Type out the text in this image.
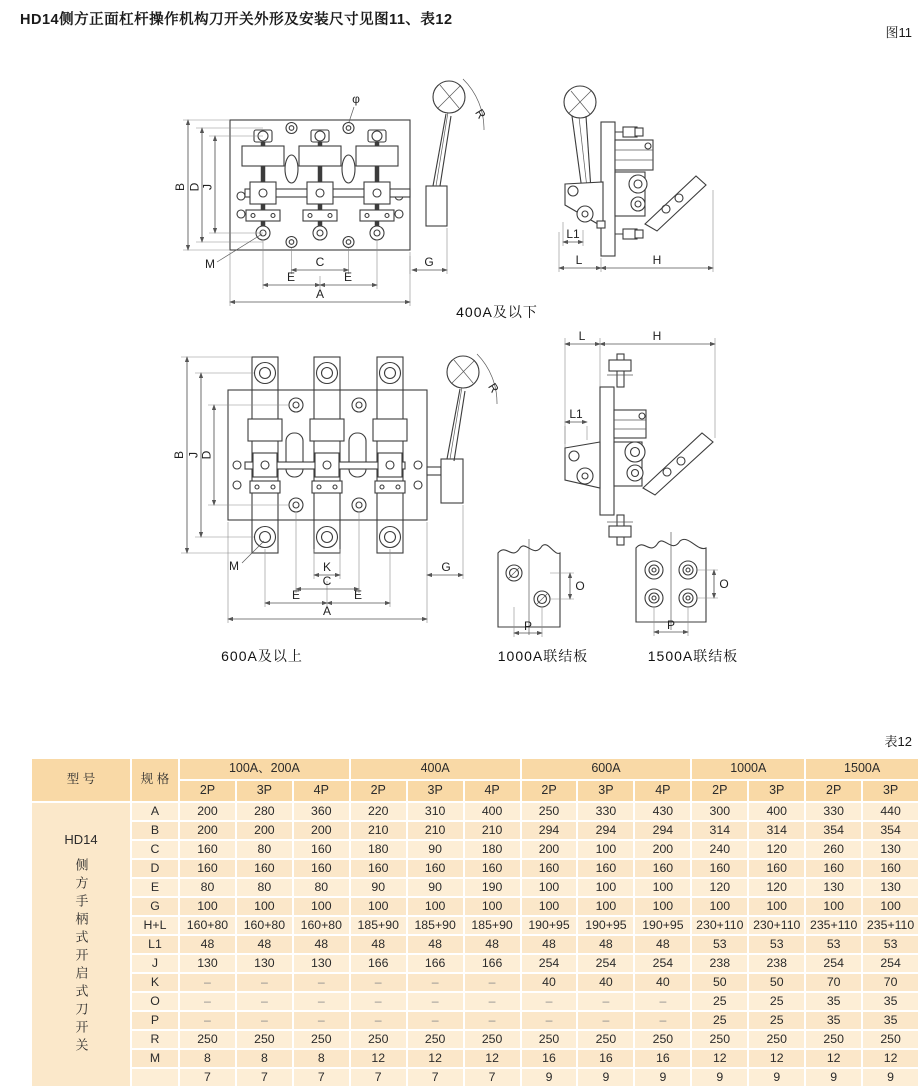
HD14侧方正面杠杆操作机构刀开关外形及安装尺寸见图11、表12
图11
R
φ
B D J
M	C
E	E
A
G
L1
L	H
400A及以下
R
B J D
M	K
C
E	E
A
G
L	H
L1
O
P
O
P
600A及以上	1000A联结板	1500A联结板
表12
型 号	规 格	100A、200A			400A			600A			1000A		1500A	
		2P	3P	4P	2P	3P	4P	2P	3P	4P	2P	3P	2P	3P

HD14
侧方手柄式开启式刀开关	A	200	280	360	220	310	400	250	330	430	300	400	330	440
	B	200	200	200	210	210	210	294	294	294	314	314	354	354
	C	160	80	160	180	90	180	200	100	200	240	120	260	130
	D	160	160	160	160	160	160	160	160	160	160	160	160	160
	E	80	80	80	90	90	190	100	100	100	120	120	130	130
	G	100	100	100	100	100	100	100	100	100	100	100	100	100
	H+L	160+80	160+80	160+80	185+90	185+90	185+90	190+95	190+95	190+95	230+110	230+110	235+110	235+110
	L1	48	48	48	48	48	48	48	48	48	53	53	53	53
	J	130	130	130	166	166	166	254	254	254	238	238	254	254
	K	–	–	–	–	–	–	40	40	40	50	50	70	70
	O	–	–	–	–	–	–	–	–	–	25	25	35	35
	P	–	–	–	–	–	–	–	–	–	25	25	35	35
	R	250	250	250	250	250	250	250	250	250	250	250	250	250
	M	8	8	8	12	12	12	16	16	16	12	12	12	12
		7	7	7	7	7	7	9	9	9	9	9	9	9
